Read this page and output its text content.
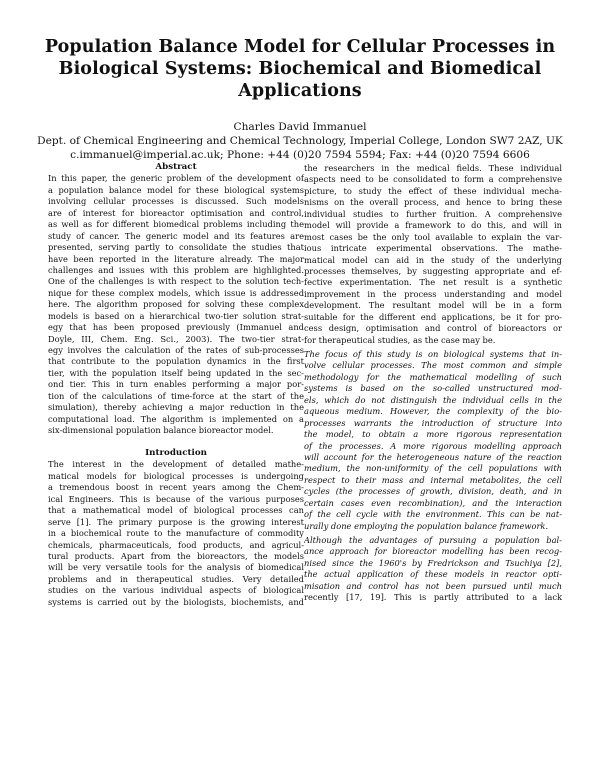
Population Balance Model for Cellular Processes in
Biological Systems: Biochemical and Biomedical
Applications
Charles David Immanuel
Dept. of Chemical Engineering and Chemical Technology, Imperial College, London SW7 2AZ, UK
c.immanuel@imperial.ac.uk; Phone: +44 (0)20 7594 5594; Fax: +44 (0)20 7594 6606
Abstract
In this paper, the generic problem of the development of
a population balance model for these biological systems
involving cellular processes is discussed. Such models
are of interest for bioreactor optimisation and control,
as well as for different biomedical problems including the
study of cancer. The generic model and its features are
presented, serving partly to consolidate the studies that
have been reported in the literature already. The major
challenges and issues with this problem are highlighted.
One of the challenges is with respect to the solution tech-
nique for these complex models, which issue is addressed
here. The algorithm proposed for solving these complex
models is based on a hierarchical two-tier solution strat-
egy that has been proposed previously (Immanuel and
Doyle, III, Chem. Eng. Sci., 2003). The two-tier strat-
egy involves the calculation of the rates of sub-processes
that contribute to the population dynamics in the first
tier, with the population itself being updated in the sec-
ond tier. This in turn enables performing a major por-
tion of the calculations of time-force at the start of the
simulation), thereby achieving a major reduction in the
computational load. The algorithm is implemented on a
six-dimensional population balance bioreactor model.
Introduction
The interest in the development of detailed mathe-
matical models for biological processes is undergoing
a tremendous boost in recent years among the Chem-
ical Engineers. This is because of the various purposes
that a mathematical model of biological processes can
serve [1]. The primary purpose is the growing interest
in a biochemical route to the manufacture of commodity
chemicals, pharmaceuticals, food products, and agricul-
tural products. Apart from the bioreactors, the models
will be very versatile tools for the analysis of biomedical
problems and in therapeutical studies. Very detailed
studies on the various individual aspects of biological
systems is carried out by the biologists, biochemists, and
the researchers in the medical fields. These individual
aspects need to be consolidated to form a comprehensive
picture, to study the effect of these individual mecha-
nisms on the overall process, and hence to bring these
individual studies to further fruition. A comprehensive
model will provide a framework to do this, and will in
most cases be the only tool available to explain the var-
ious intricate experimental observations. The mathe-
matical model can aid in the study of the underlying
processes themselves, by suggesting appropriate and ef-
fective experimentation. The net result is a synthetic
improvement in the process understanding and model
development. The resultant model will be in a form
suitable for the different end applications, be it for pro-
cess design, optimisation and control of bioreactors or
for therapeutical studies, as the case may be.
The focus of this study is on biological systems that in-
volve cellular processes. The most common and simple
methodology for the mathematical modelling of such
systems is based on the so-called unstructured mod-
els, which do not distinguish the individual cells in the
aqueous medium. However, the complexity of the bio-
processes warrants the introduction of structure into
the model, to obtain a more rigorous representation
of the processes. A more rigorous modelling approach
will account for the heterogeneous nature of the reaction
medium, the non-uniformity of the cell populations with
respect to their mass and internal metabolites, the cell
cycles (the processes of growth, division, death, and in
certain cases even recombination), and the interaction
of the cell cycle with the environment. This can be nat-
urally done employing the population balance framework.
Although the advantages of pursuing a population bal-
ance approach for bioreactor modelling has been recog-
nised since the 1960's by Fredrickson and Tsuchiya [2],
the actual application of these models in reactor opti-
misation and control has not been pursued until much
recently [17, 19]. This is partly attributed to a lack
